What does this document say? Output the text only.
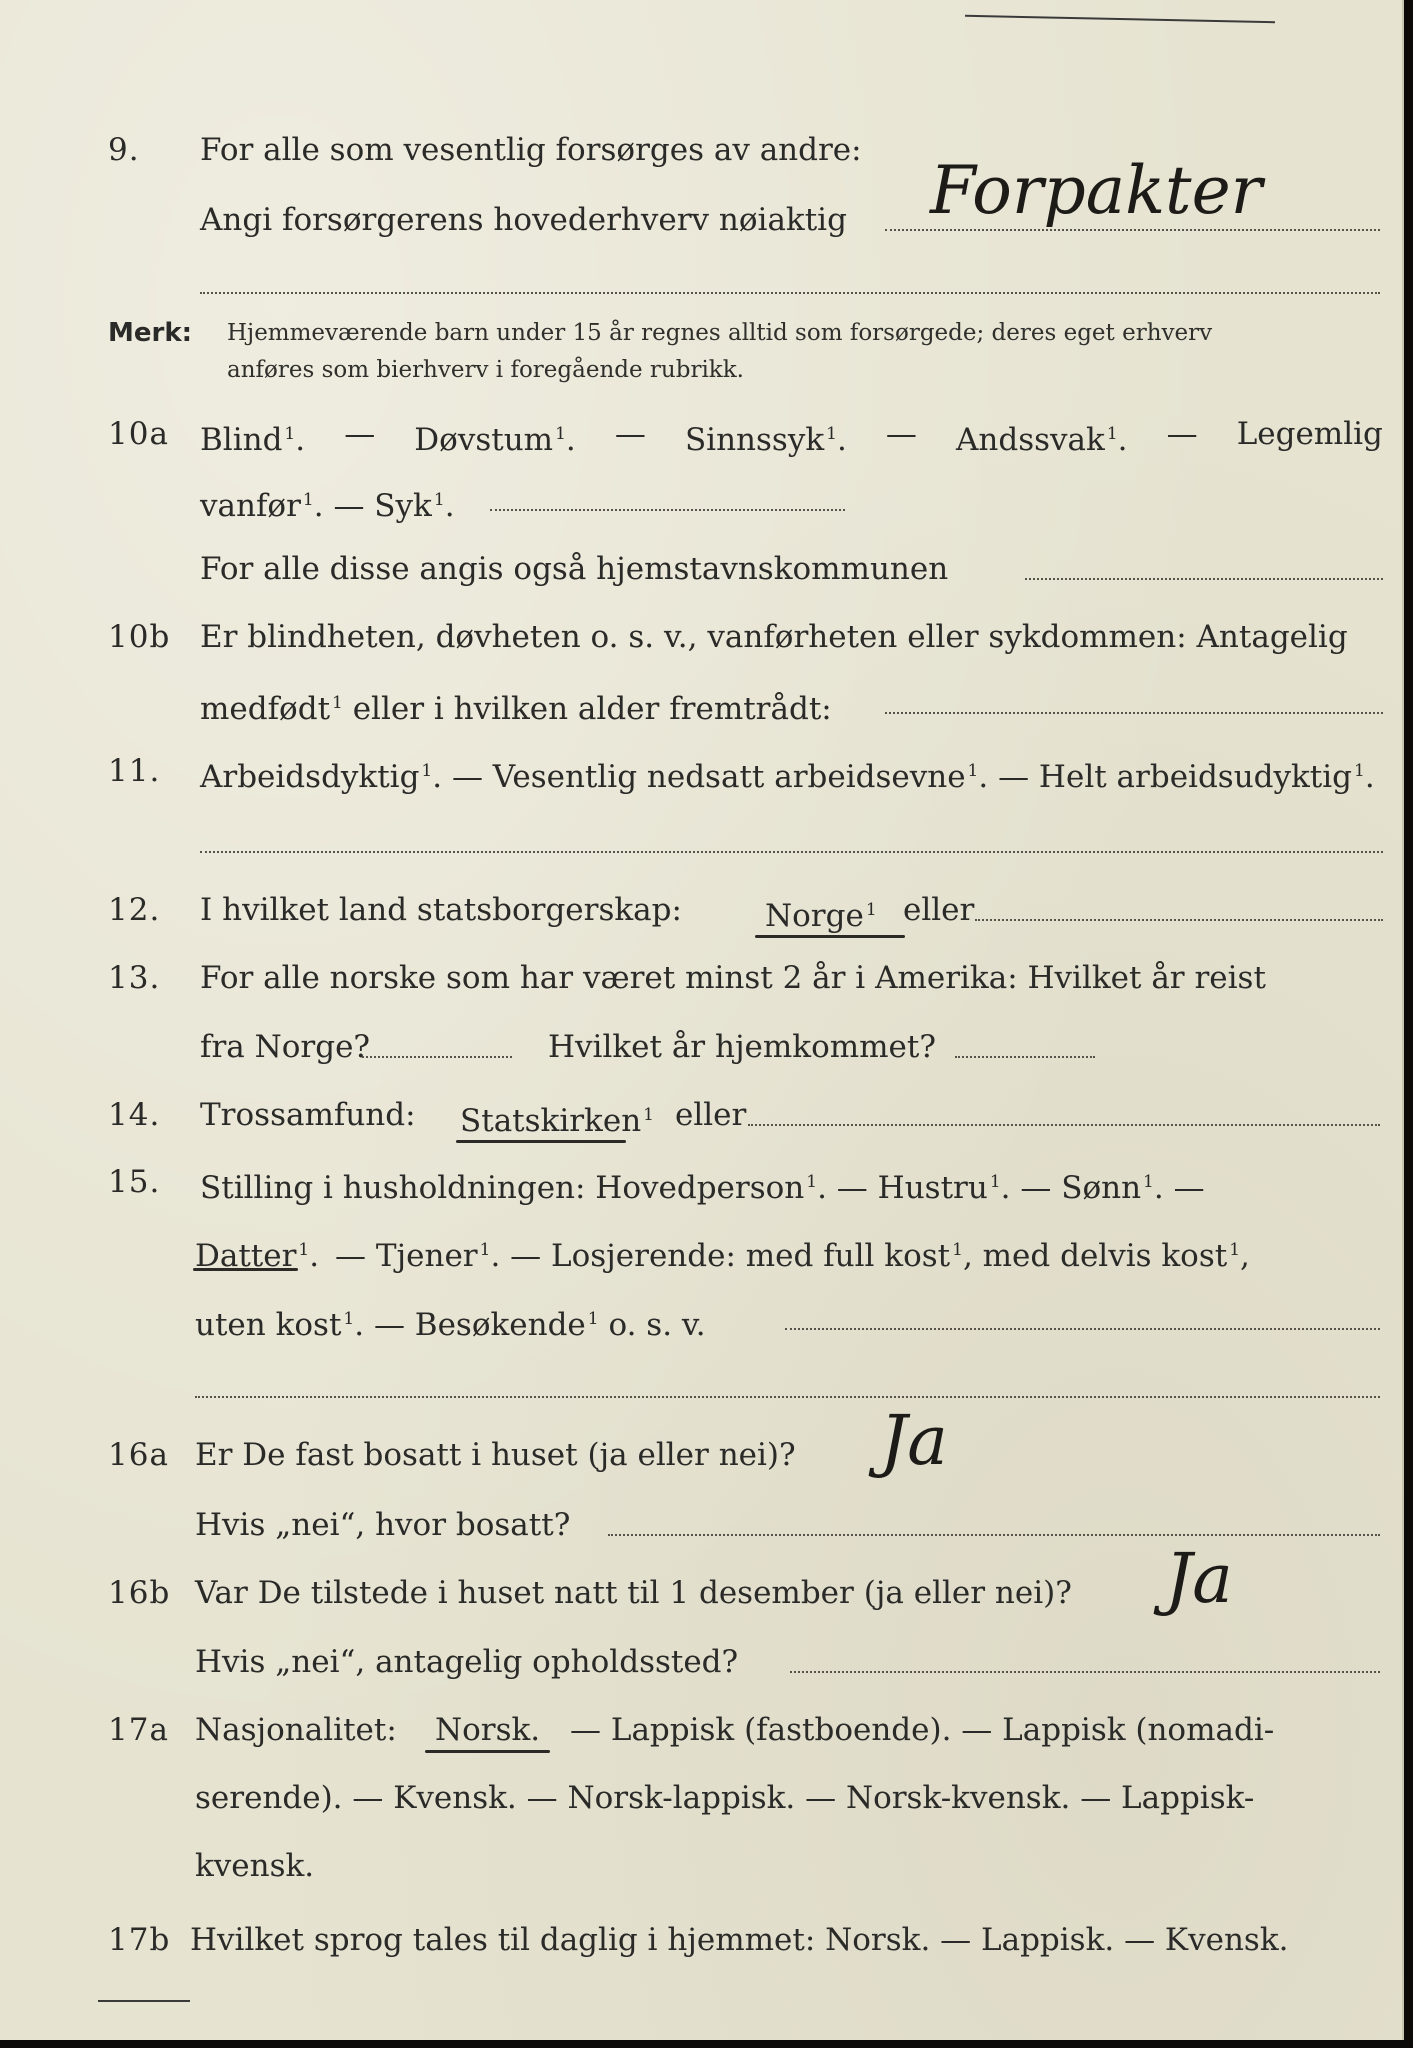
9. For alle som vesentlig forsørges av andre:
Angi forsørgerens hovederhverv nøiaktig Forpakter
Merk: Hjemmeværende barn under 15 år regnes alltid som forsørgede; deres eget erhverv
anføres som bierhverv i foregående rubrikk.
10a Blind $^1$. — Døvstum $^1$. — Sinnssyk $^1$. — Andssvak $^1$. — Legemlig
vanfør $^1$. — Syk $^1$.
For alle disse angis også hjemstavnskommunen
10b Er blindheten, døvheten o. s. v., vanførheten eller sykdommen: Antagelig
medfødt $^1$ eller i hvilken alder fremtrådt:
11. Arbeidsdyktig $^1$. — Vesentlig nedsatt arbeidsevne $^1$. — Helt arbeidsudyktig $^1$.
12. I hvilket land statsborgerskap:	Norge $^1$ eller
13. For alle norske som har været minst 2 år i Amerika: Hvilket år reist
fra Norge?	Hvilket år hjemkommet?
14. Trossamfund: Statskirken $^1$ eller
15. Stilling i husholdningen: Hovedperson $^1$. — Hustru $^1$. — Sønn $^1$. —
Datter $^1$. — Tjener $^1$. — Losjerende: med full kost $^1$, med delvis kost $^1$,
uten kost $^1$. — Besøkende $^1$ o. s. v.
16a Er De fast bosatt i huset (ja eller nei)? Ja
Hvis „nei“, hvor bosatt?
16b Var De tilstede i huset natt til 1 desember (ja eller nei)? Ja
Hvis „nei“, antagelig opholdssted?
17a Nasjonalitet: Norsk. — Lappisk (fastboende). — Lappisk (nomadi-
serende). — Kvensk. — Norsk-lappisk. — Norsk-kvensk. — Lappisk-
kvensk.
17b Hvilket sprog tales til daglig i hjemmet: Norsk. — Lappisk. — Kvensk.
